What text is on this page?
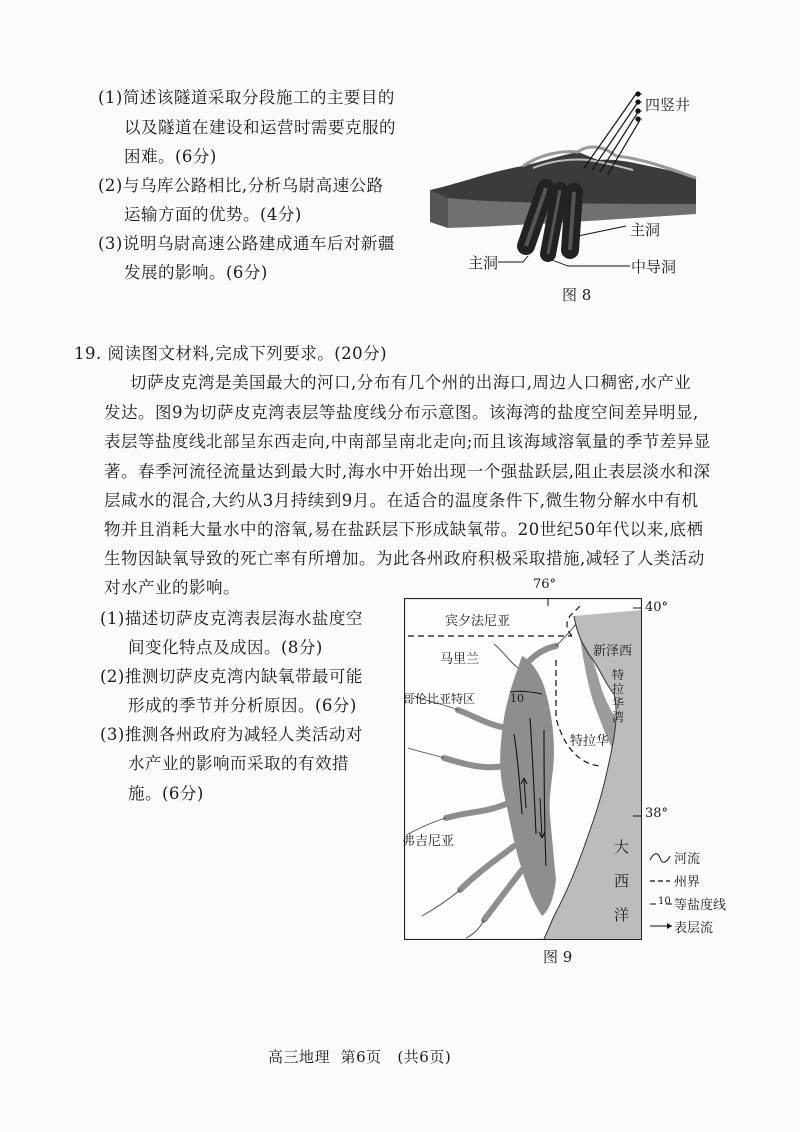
(1)简述该隧道采取分段施工的主要目的
以及隧道在建设和运营时需要克服的
困难。(6分)
(2)与乌库公路相比,分析乌尉高速公路
运输方面的优势。(4分)
(3)说明乌尉高速公路建成通车后对新疆
发展的影响。(6分)
四竖井
主洞
主洞	中导洞
图 8
19. 阅读图文材料,完成下列要求。(20分)
切萨皮克湾是美国最大的河口,分布有几个州的出海口,周边人口稠密,水产业
发达。图9为切萨皮克湾表层等盐度线分布示意图。该海湾的盐度空间差异明显,
表层等盐度线北部呈东西走向,中南部呈南北走向;而且该海域溶氧量的季节差异显
著。春季河流径流量达到最大时,海水中开始出现一个强盐跃层,阻止表层淡水和深
层咸水的混合,大约从3月持续到9月。在适合的温度条件下,微生物分解水中有机
物并且消耗大量水中的溶氧,易在盐跃层下形成缺氧带。20世纪50年代以来,底栖
生物因缺氧导致的死亡率有所增加。为此各州政府积极采取措施,减轻了人类活动
对水产业的影响。
(1)描述切萨皮克湾表层海水盐度空
间变化特点及成因。(8分)
(2)推测切萨皮克湾内缺氧带最可能
形成的季节并分析原因。(6分)
(3)推测各州政府为减轻人类活动对
水产业的影响而采取的有效措
施。(6分)
76°
40°
38°
宾夕法尼亚
马里兰
新泽西
哥伦比亚特区
特拉华
特拉华湾
弗吉尼亚	大西洋
10
10
河流
州界
等盐度线
表层流
图 9
高三地理 第6页 (共6页)
